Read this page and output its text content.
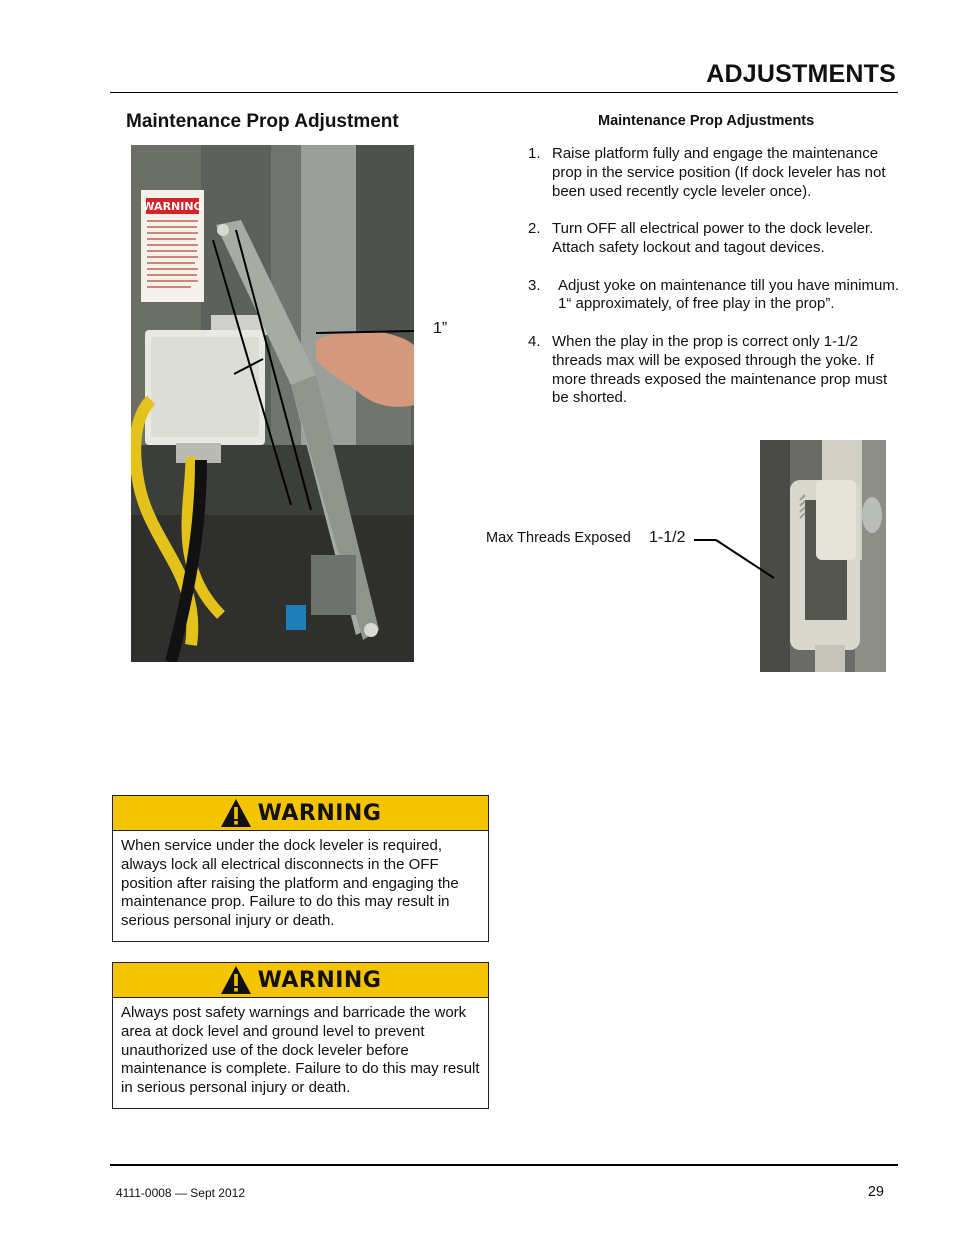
ADJUSTMENTS
Maintenance Prop Adjustment
WARNING
1”
Maintenance Prop Adjustments
1. Raise platform fully and engage the maintenance prop in the service position (If dock leveler has not been used recently cycle leveler once).
2. Turn OFF all electrical power to the dock leveler. Attach safety lockout and tagout devices.
3.	Adjust yoke on maintenance till you have minimum. 1“ approximately, of free play in the prop”.
4. When the play in the prop is correct only 1-1/2 threads max will be exposed through the yoke. If more threads exposed the maintenance prop must be shorted.
Max Threads Exposed 1-1/2
WARNING
When service under the dock leveler is required, always lock all electrical disconnects in the OFF position after raising the platform and engaging the maintenance prop. Failure to do this may result in serious personal injury or death.
WARNING
Always post safety warnings and barricade the work area at dock level and ground level to prevent unauthorized use of the dock leveler before maintenance is complete. Failure to do this may result in serious personal injury or death.
4111-0008 — Sept 2012	29
